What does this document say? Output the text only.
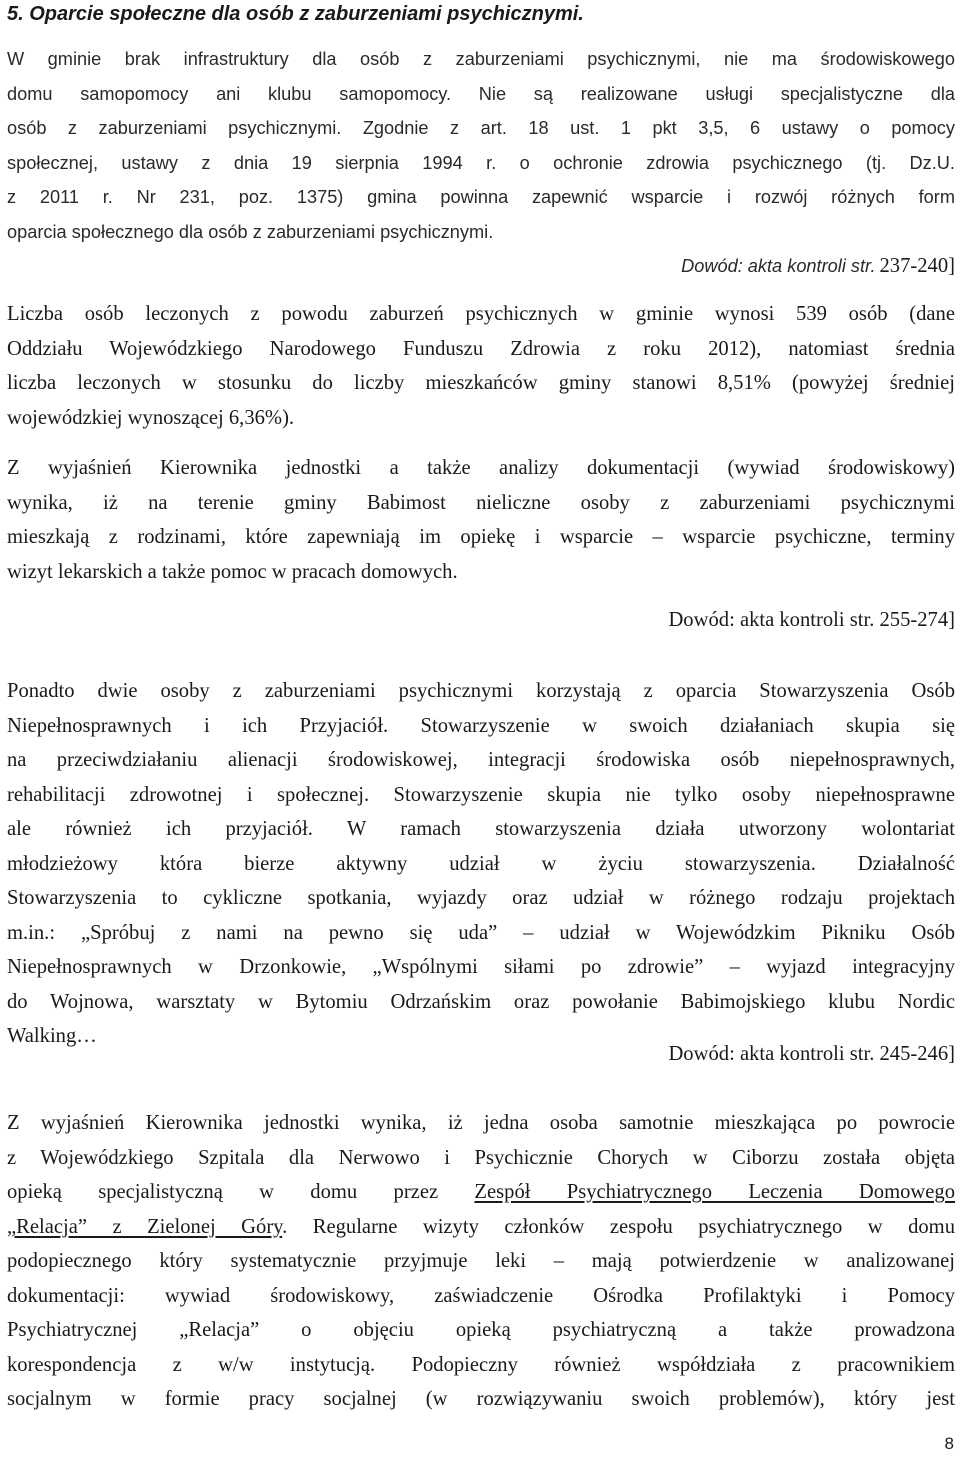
5. Oparcie społeczne dla osób z zaburzeniami psychicznymi.
W gminie brak infrastruktury dla osób z zaburzeniami psychicznymi, nie ma środowiskowego
domu samopomocy ani klubu samopomocy. Nie są realizowane usługi specjalistyczne dla
osób z zaburzeniami psychicznymi. Zgodnie z art. 18 ust. 1 pkt 3,5, 6 ustawy o pomocy
społecznej, ustawy z dnia 19 sierpnia 1994 r. o ochronie zdrowia psychicznego (tj. Dz.U.
z 2011 r. Nr 231, poz. 1375) gmina powinna zapewnić wsparcie i rozwój różnych form
oparcia społecznego dla osób z zaburzeniami psychicznymi.
Dowód: akta kontroli str. 237-240]
Liczba osób leczonych z powodu zaburzeń psychicznych w gminie wynosi 539 osób (dane
Oddziału Wojewódzkiego Narodowego Funduszu Zdrowia z roku 2012), natomiast średnia
liczba leczonych w stosunku do liczby mieszkańców gminy stanowi 8,51% (powyżej średniej
wojewódzkiej wynoszącej 6,36%).
Z wyjaśnień Kierownika jednostki a także analizy dokumentacji (wywiad środowiskowy)
wynika, iż na terenie gminy Babimost nieliczne osoby z zaburzeniami psychicznymi
mieszkają z rodzinami, które zapewniają im opiekę i wsparcie – wsparcie psychiczne, terminy
wizyt lekarskich a także pomoc w pracach domowych.
Dowód: akta kontroli str. 255-274]
Ponadto dwie osoby z zaburzeniami psychicznymi korzystają z oparcia Stowarzyszenia Osób
Niepełnosprawnych i ich Przyjaciół. Stowarzyszenie w swoich działaniach skupia się
na przeciwdziałaniu alienacji środowiskowej, integracji środowiska osób niepełnosprawnych,
rehabilitacji zdrowotnej i społecznej. Stowarzyszenie skupia nie tylko osoby niepełnosprawne
ale również ich przyjaciół. W ramach stowarzyszenia działa utworzony wolontariat
młodzieżowy która bierze aktywny udział w życiu stowarzyszenia. Działalność
Stowarzyszenia to cykliczne spotkania, wyjazdy oraz udział w różnego rodzaju projektach
m.in.: „Spróbuj z nami na pewno się uda” – udział w Wojewódzkim Pikniku Osób
Niepełnosprawnych w Drzonkowie, „Wspólnymi siłami po zdrowie” – wyjazd integracyjny
do Wojnowa, warsztaty w Bytomiu Odrzańskim oraz powołanie Babimojskiego klubu Nordic
Walking…
Dowód: akta kontroli str. 245-246]
Z wyjaśnień Kierownika jednostki wynika, iż jedna osoba samotnie mieszkająca po powrocie
z Wojewódzkiego Szpitala dla Nerwowo i Psychicznie Chorych w Ciborzu została objęta
opieką specjalistyczną w domu przez Zespół Psychiatrycznego Leczenia Domowego
„Relacja” z Zielonej Góry. Regularne wizyty członków zespołu psychiatrycznego w domu
podopiecznego który systematycznie przyjmuje leki – mają potwierdzenie w analizowanej
dokumentacji: wywiad środowiskowy, zaświadczenie Ośrodka Profilaktyki i Pomocy
Psychiatrycznej „Relacja” o objęciu opieką psychiatryczną a także prowadzona
korespondencja z w/w instytucją. Podopieczny również współdziała z pracownikiem
socjalnym w formie pracy socjalnej (w rozwiązywaniu swoich problemów), który jest
8
